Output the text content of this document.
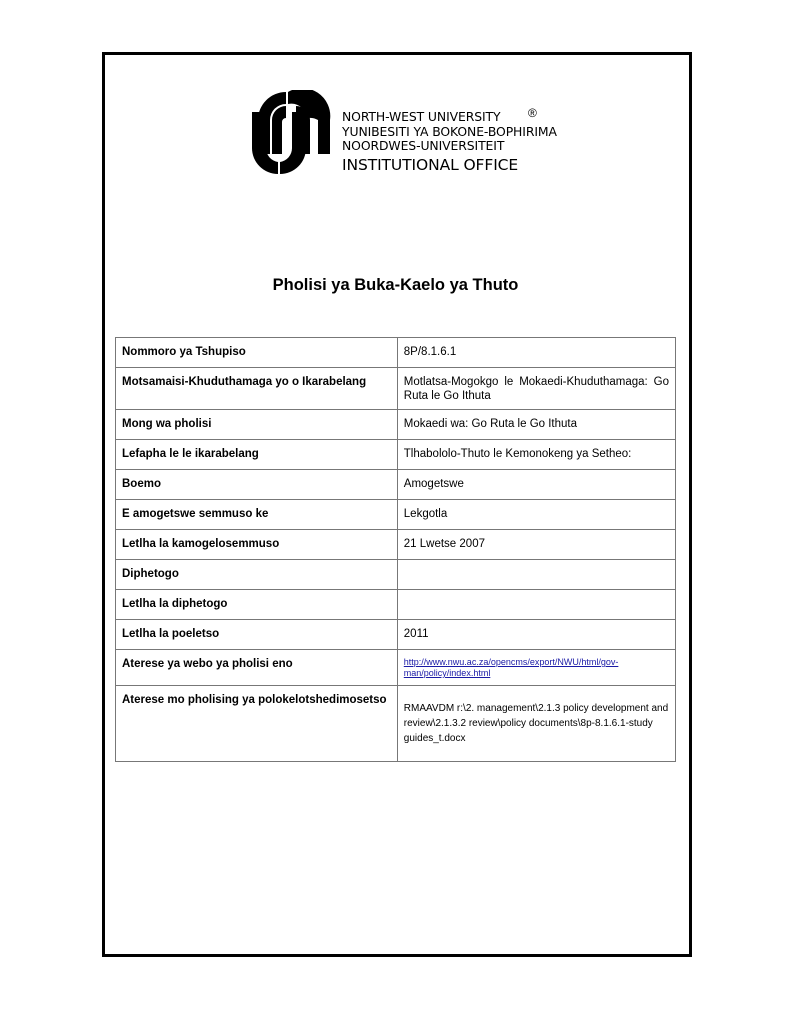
NORTH-WEST UNIVERSITY
YUNIBESITI YA BOKONE-BOPHIRIMA
NOORDWES-UNIVERSITEIT
INSTITUTIONAL OFFICE
®
Pholisi ya Buka-Kaelo ya Thuto
Nommoro ya Tshupiso	8P/8.1.6.1
Motsamaisi-Khuduthamaga yo o Ikarabelang	Motlatsa-Mogokgo le Mokaedi-Khuduthamaga: Go Ruta le Go Ithuta
Mong wa pholisi	Mokaedi wa: Go Ruta le Go Ithuta
Lefapha le le ikarabelang	Tlhabololo-Thuto le Kemonokeng ya Setheo:
Boemo	Amogetswe
E amogetswe semmuso ke	Lekgotla
Letlha la kamogelosemmuso	21 Lwetse 2007
Diphetogo	
Letlha la diphetogo	
Letlha la poeletso	2011
Aterese ya webo ya pholisi eno	http://www.nwu.ac.za/opencms/export/NWU/html/gov-man/policy/index.html

Aterese mo pholising ya polokelotshedimosetso	RMAAVDM r:\2. management\2.1.3 policy development and review\2.1.3.2 review\policy documents\8p-8.1.6.1-study guides_t.docx
